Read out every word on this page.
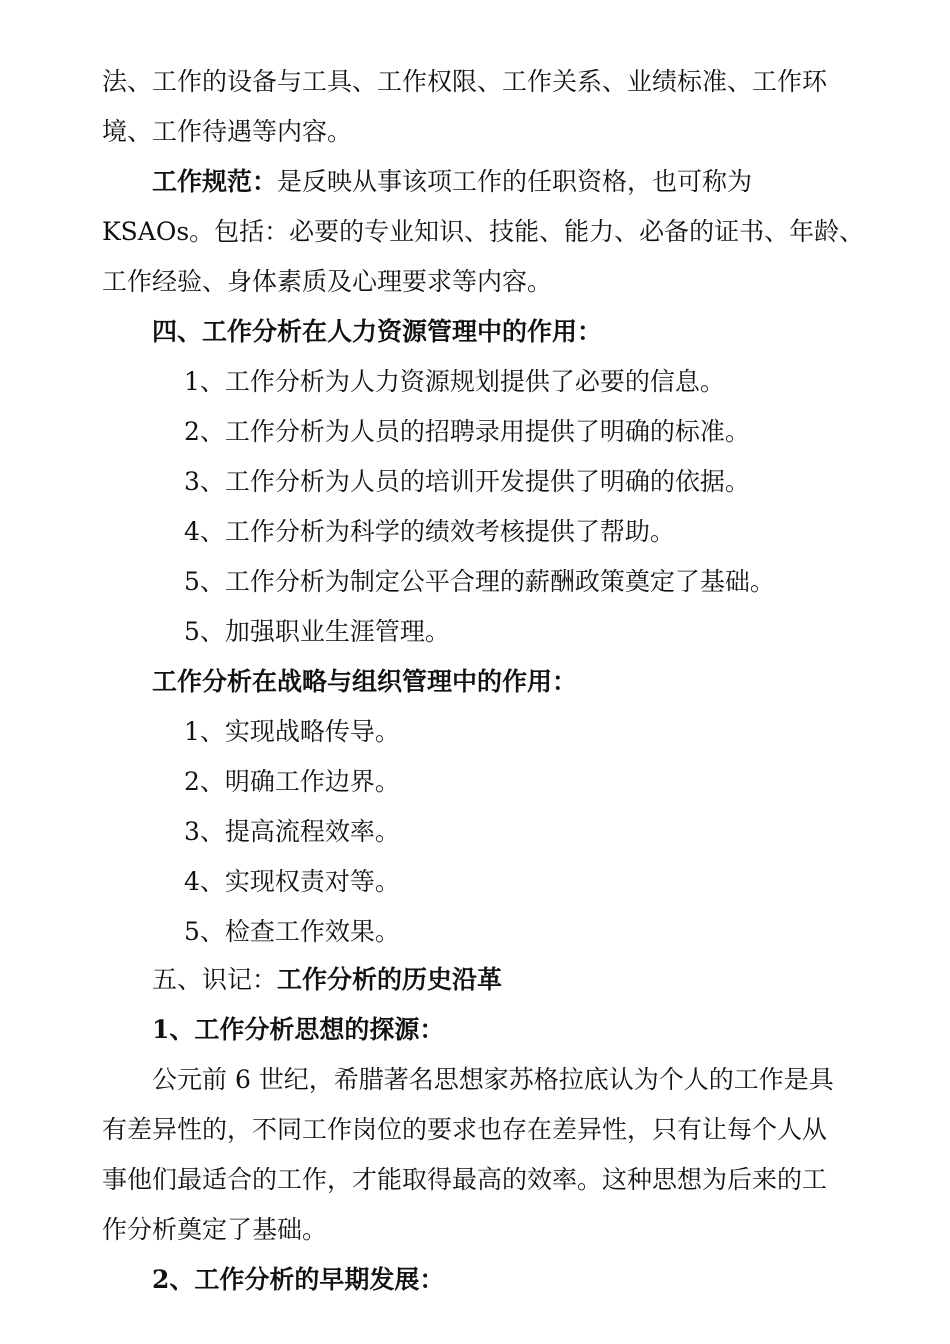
法、工作的设备与工具、工作权限、工作关系、业绩标准、工作环
境、工作待遇等内容。
工作规范：是反映从事该项工作的任职资格，也可称为
KSAOs。包括：必要的专业知识、技能、能力、必备的证书、年龄、
工作经验、身体素质及心理要求等内容。
四、工作分析在人力资源管理中的作用：
1、工作分析为人力资源规划提供了必要的信息。
2、工作分析为人员的招聘录用提供了明确的标准。
3、工作分析为人员的培训开发提供了明确的依据。
4、工作分析为科学的绩效考核提供了帮助。
5、工作分析为制定公平合理的薪酬政策奠定了基础。
5、加强职业生涯管理。
工作分析在战略与组织管理中的作用：
1、实现战略传导。
2、明确工作边界。
3、提高流程效率。
4、实现权责对等。
5、检查工作效果。
五、识记：工作分析的历史沿革
1、工作分析思想的探源：
公元前 6 世纪，希腊著名思想家苏格拉底认为个人的工作是具
有差异性的，不同工作岗位的要求也存在差异性，只有让每个人从
事他们最适合的工作，才能取得最高的效率。这种思想为后来的工
作分析奠定了基础。
2、工作分析的早期发展：
